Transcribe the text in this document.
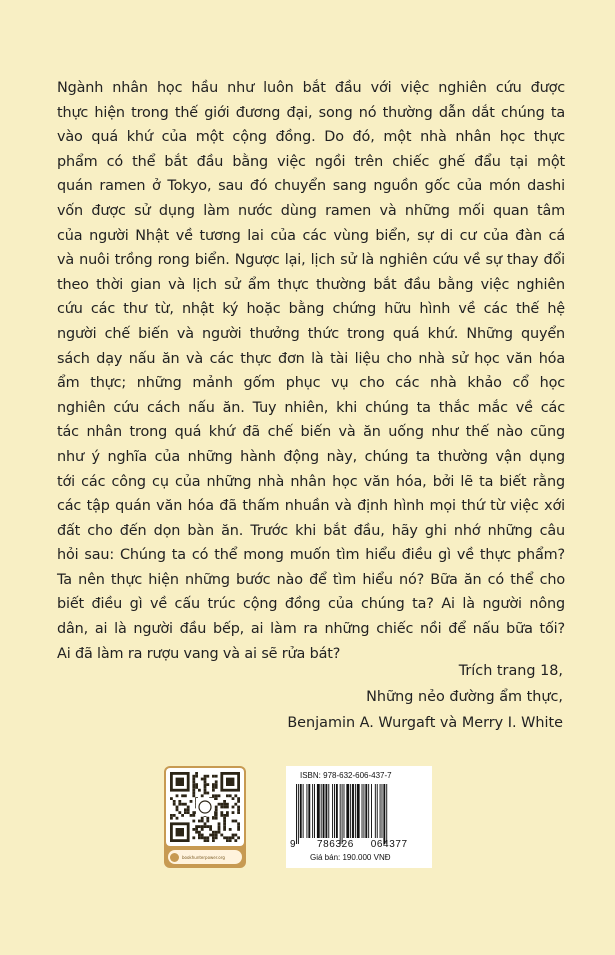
Ngành nhân học hầu như luôn bắt đầu với việc nghiên cứu được
thực hiện trong thế giới đương đại, song nó thường dẫn dắt chúng ta
vào quá khứ của một cộng đồng. Do đó, một nhà nhân học thực
phẩm có thể bắt đầu bằng việc ngồi trên chiếc ghế đẩu tại một
quán ramen ở Tokyo, sau đó chuyển sang nguồn gốc của món dashi
vốn được sử dụng làm nước dùng ramen và những mối quan tâm
của người Nhật về tương lai của các vùng biển, sự di cư của đàn cá
và nuôi trồng rong biển. Ngược lại, lịch sử là nghiên cứu về sự thay đổi
theo thời gian và lịch sử ẩm thực thường bắt đầu bằng việc nghiên
cứu các thư từ, nhật ký hoặc bằng chứng hữu hình về các thế hệ
người chế biến và người thưởng thức trong quá khứ. Những quyển
sách dạy nấu ăn và các thực đơn là tài liệu cho nhà sử học văn hóa
ẩm thực; những mảnh gốm phục vụ cho các nhà khảo cổ học
nghiên cứu cách nấu ăn. Tuy nhiên, khi chúng ta thắc mắc về các
tác nhân trong quá khứ đã chế biến và ăn uống như thế nào cũng
như ý nghĩa của những hành động này, chúng ta thường vận dụng
tới các công cụ của những nhà nhân học văn hóa, bởi lẽ ta biết rằng
các tập quán văn hóa đã thấm nhuần và định hình mọi thứ từ việc xới
đất cho đến dọn bàn ăn. Trước khi bắt đầu, hãy ghi nhớ những câu
hỏi sau: Chúng ta có thể mong muốn tìm hiểu điều gì về thực phẩm?
Ta nên thực hiện những bước nào để tìm hiểu nó? Bữa ăn có thể cho
biết điều gì về cấu trúc cộng đồng của chúng ta? Ai là người nông
dân, ai là người đầu bếp, ai làm ra những chiếc nồi để nấu bữa tối?
Ai đã làm ra rượu vang và ai sẽ rửa bát?
Trích trang 18,
Những nẻo đường ẩm thực,
Benjamin A. Wurgaft và Merry I. White
bookhunterpower.org
ISBN: 978-632-606-437-7
9 786326 064377
Giá bán: 190.000 VNĐ
